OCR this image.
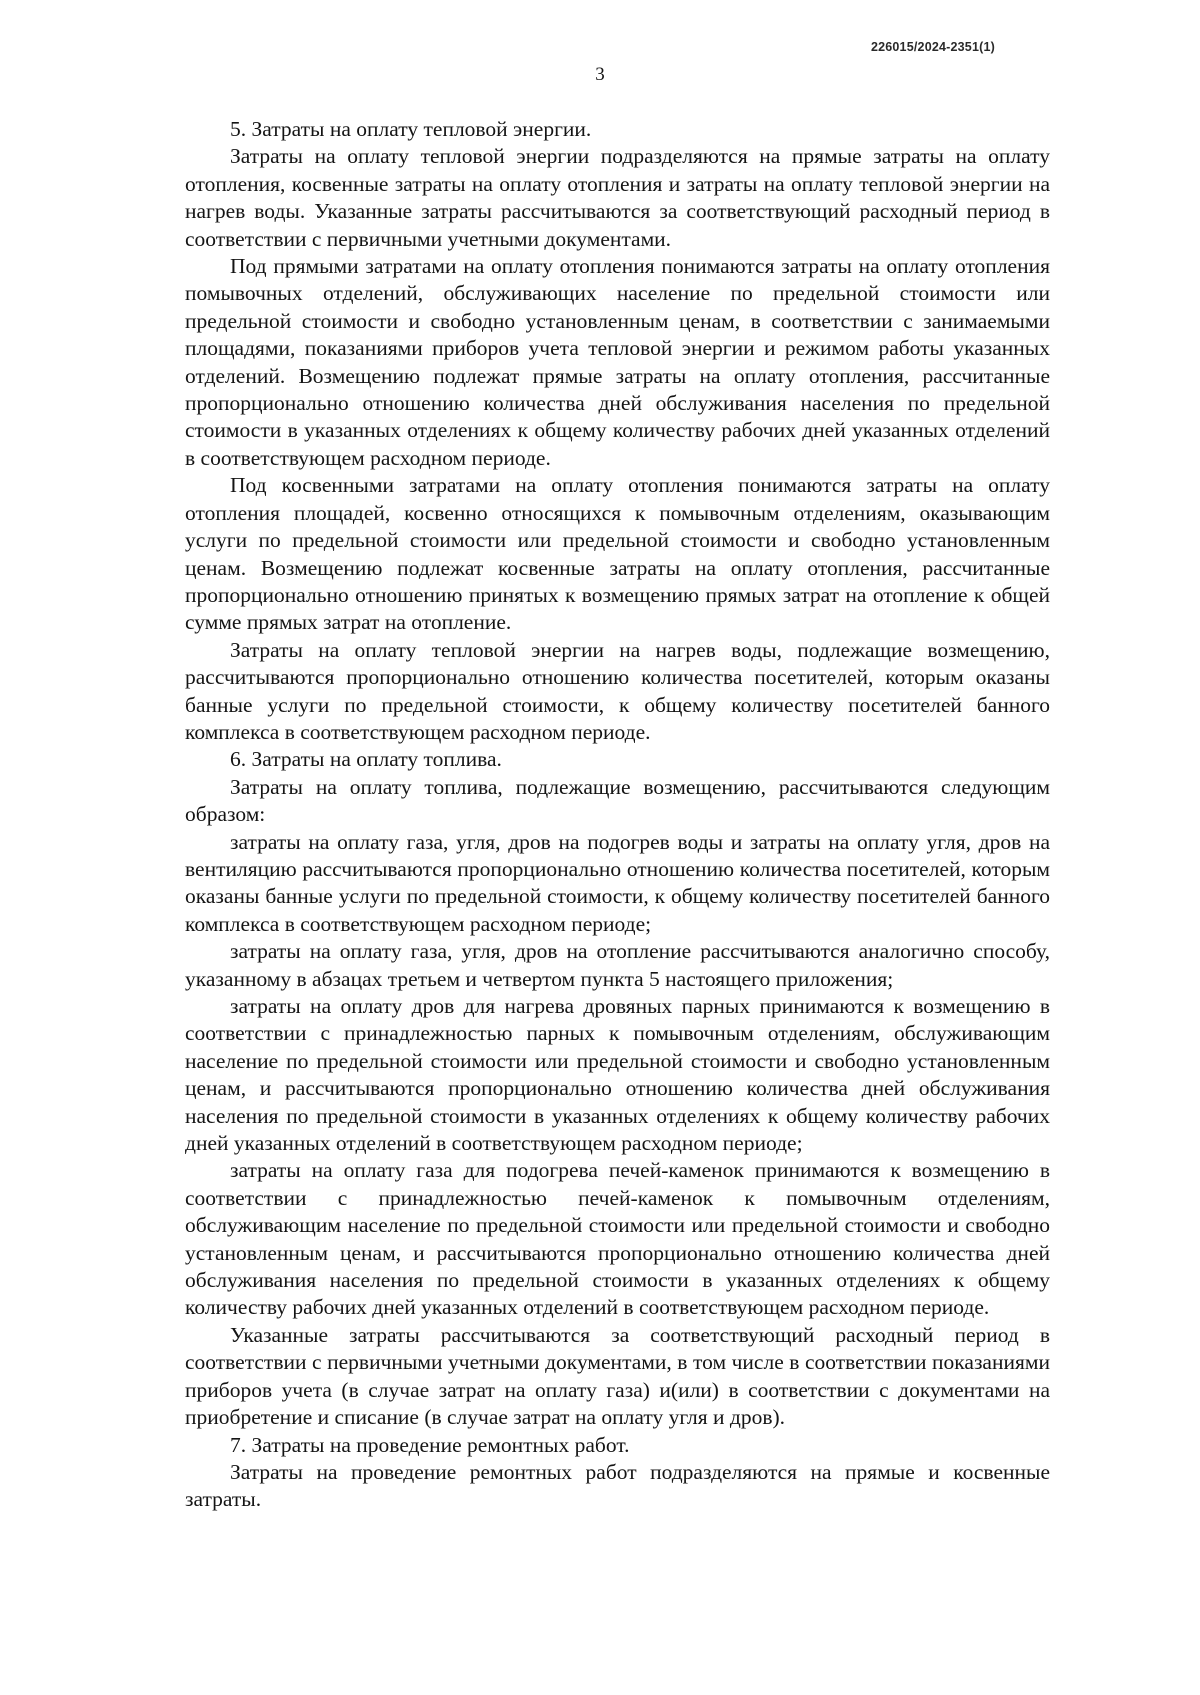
226015/2024-2351(1)
3

5. Затраты на оплату тепловой энергии.

Затраты на оплату тепловой энергии подразделяются на прямые затраты на оплату отопления, косвенные затраты на оплату отопления и затраты на оплату тепловой энергии на нагрев воды. Указанные затраты рассчитываются за соответствующий расходный период в соответствии с первичными учетными документами.

Под прямыми затратами на оплату отопления понимаются затраты на оплату отопления помывочных отделений, обслуживающих население по предельной стоимости или предельной стоимости и свободно установленным ценам, в соответствии с занимаемыми площадями, показаниями приборов учета тепловой энергии и режимом работы указанных отделений. Возмещению подлежат прямые затраты на оплату отопления, рассчитанные пропорционально отношению количества дней обслуживания населения по предельной стоимости в указанных отделениях к общему количеству рабочих дней указанных отделений в соответствующем расходном периоде.

Под косвенными затратами на оплату отопления понимаются затраты на оплату отопления площадей, косвенно относящихся к помывочным отделениям, оказывающим услуги по предельной стоимости или предельной стоимости и свободно установленным ценам. Возмещению подлежат косвенные затраты на оплату отопления, рассчитанные пропорционально отношению принятых к возмещению прямых затрат на отопление к общей сумме прямых затрат на отопление.

Затраты на оплату тепловой энергии на нагрев воды, подлежащие возмещению, рассчитываются пропорционально отношению количества посетителей, которым оказаны банные услуги по предельной стоимости, к общему количеству посетителей банного комплекса в соответствующем расходном периоде.

6. Затраты на оплату топлива.

Затраты на оплату топлива, подлежащие возмещению, рассчитываются следующим образом:

затраты на оплату газа, угля, дров на подогрев воды и затраты на оплату угля, дров на вентиляцию рассчитываются пропорционально отношению количества посетителей, которым оказаны банные услуги по предельной стоимости, к общему количеству посетителей банного комплекса в соответствующем расходном периоде;

затраты на оплату газа, угля, дров на отопление рассчитываются аналогично способу, указанному в абзацах третьем и четвертом пункта 5 настоящего приложения;

затраты на оплату дров для нагрева дровяных парных принимаются к возмещению в соответствии с принадлежностью парных к помывочным отделениям, обслуживающим население по предельной стоимости или предельной стоимости и свободно установленным ценам, и рассчитываются пропорционально отношению количества дней обслуживания населения по предельной стоимости в указанных отделениях к общему количеству рабочих дней указанных отделений в соответствующем расходном периоде;

затраты на оплату газа для подогрева печей-каменок принимаются к возмещению в соответствии с принадлежностью печей-каменок к помывочным отделениям, обслуживающим население по предельной стоимости или предельной стоимости и свободно установленным ценам, и рассчитываются пропорционально отношению количества дней обслуживания населения по предельной стоимости в указанных отделениях к общему количеству рабочих дней указанных отделений в соответствующем расходном периоде.

Указанные затраты рассчитываются за соответствующий расходный период в соответствии с первичными учетными документами, в том числе в соответствии показаниями приборов учета (в случае затрат на оплату газа) и(или) в соответствии с документами на приобретение и списание (в случае затрат на оплату угля и дров).

7. Затраты на проведение ремонтных работ.

Затраты на проведение ремонтных работ подразделяются на прямые и косвенные затраты.
